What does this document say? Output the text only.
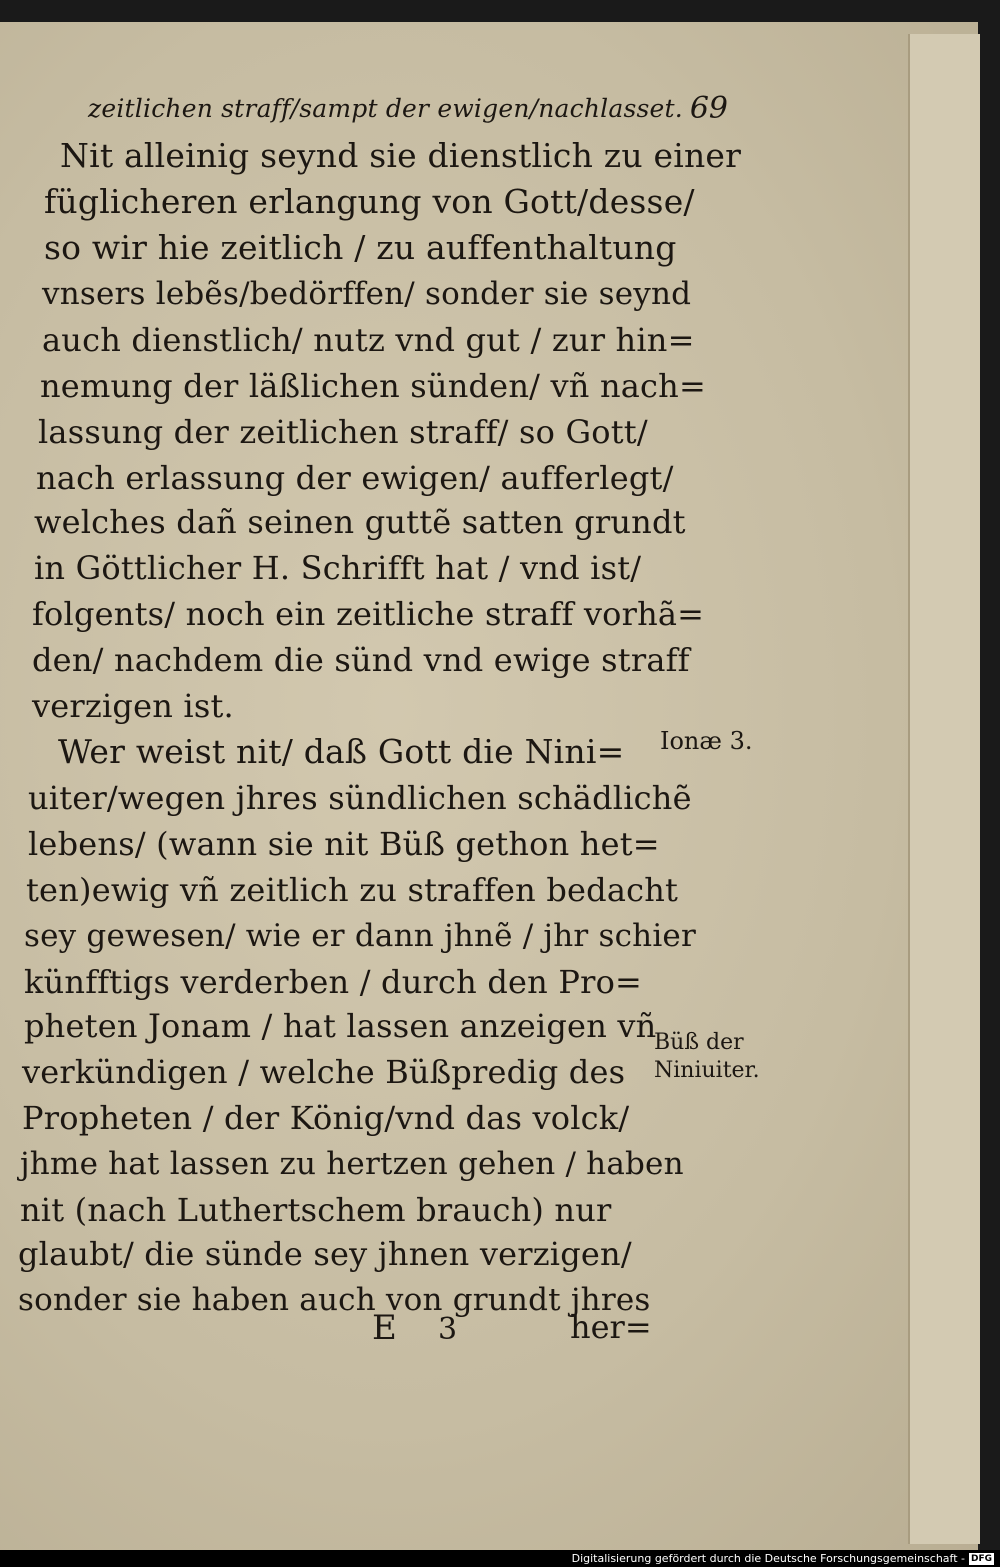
zeitlichen straff/sampt der ewigen/nachlasset. 69
Nit alleinig seynd sie dienstlich zu einer
füglicheren erlangung von Gott/desse/
so wir hie zeitlich / zu auffenthaltung
vnsers lebẽs/bedörffen/ sonder sie seynd
auch dienstlich/ nutz vnd gut / zur hin=
nemung der läßlichen sünden/ vñ nach=
lassung der zeitlichen straff/ so Gott/
nach erlassung der ewigen/ aufferlegt/
welches dañ seinen guttẽ satten grundt
in Göttlicher H. Schrifft hat / vnd ist/
folgents/ noch ein zeitliche straff vorhã=
den/ nachdem die sünd vnd ewige straff
verzigen ist.
Wer weist nit/ daß Gott die Nini=
uiter/wegen jhres sündlichen schädlichẽ
lebens/ (wann sie nit Büß gethon het=
ten)ewig vñ zeitlich zu straffen bedacht
sey gewesen/ wie er dann jhnẽ / jhr schier
künfftigs verderben / durch den Pro=
pheten Jonam / hat lassen anzeigen vñ
verkündigen / welche Büßpredig des
Propheten / der König/vnd das volck/
jhme hat lassen zu hertzen gehen / haben
nit (nach Luthertschem brauch) nur
glaubt/ die sünde sey jhnen verzigen/
sonder sie haben auch von grundt jhres
Ionæ 3.
Büß der
Niniuiter.
E 3	her=
Digitalisierung gefördert durch die Deutsche Forschungsgemeinschaft - DFG
